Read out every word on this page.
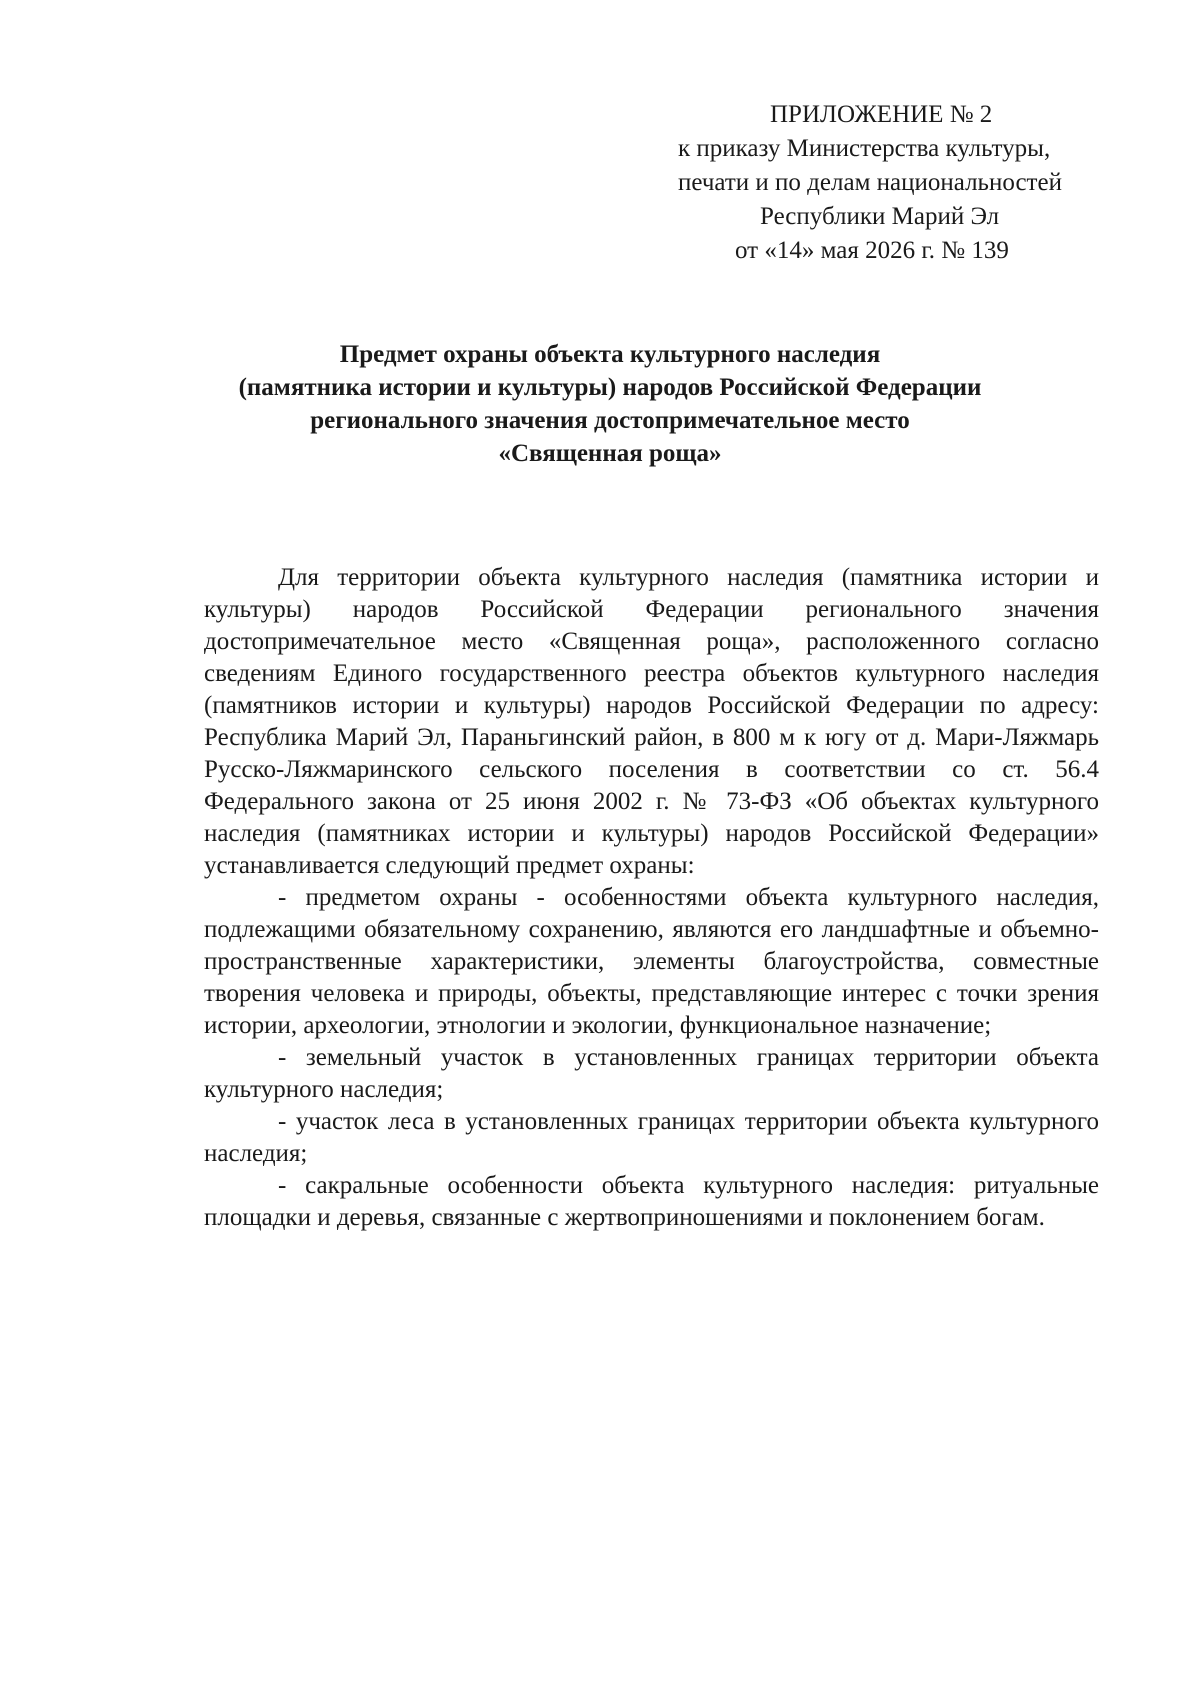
ПРИЛОЖЕНИЕ № 2
к приказу Министерства культуры,
печати и по делам национальностей
Республики Марий Эл
от «14» мая 2026 г. № 139
Предмет охраны объекта культурного наследия
(памятника истории и культуры) народов Российской Федерации
регионального значения достопримечательное место
«Священная роща»

Для территории объекта культурного наследия (памятника истории и культуры) народов Российской Федерации регионального значения достопримечательное место «Священная роща», расположенного согласно сведениям Единого государственного реестра объектов культурного наследия (памятников истории и культуры) народов Российской Федерации по адресу: Республика Марий Эл, Параньгинский район, в 800 м к югу от д. Мари-Ляжмарь Русско-Ляжмаринского сельского поселения в соответствии со ст. 56.4 Федерального закона от 25 июня 2002 г. № 73-ФЗ «Об объектах культурного наследия (памятниках истории и культуры) народов Российской Федерации» устанавливается следующий предмет охраны:

- предметом охраны - особенностями объекта культурного наследия, подлежащими обязательному сохранению, являются его ландшафтные и объемно-пространственные характеристики, элементы благоустройства, совместные творения человека и природы, объекты, представляющие интерес с точки зрения истории, археологии, этнологии и экологии, функциональное назначение;

- земельный участок в установленных границах территории объекта культурного наследия;

- участок леса в установленных границах территории объекта культурного наследия;

- сакральные особенности объекта культурного наследия: ритуальные площадки и деревья, связанные с жертвоприношениями и поклонением богам.
